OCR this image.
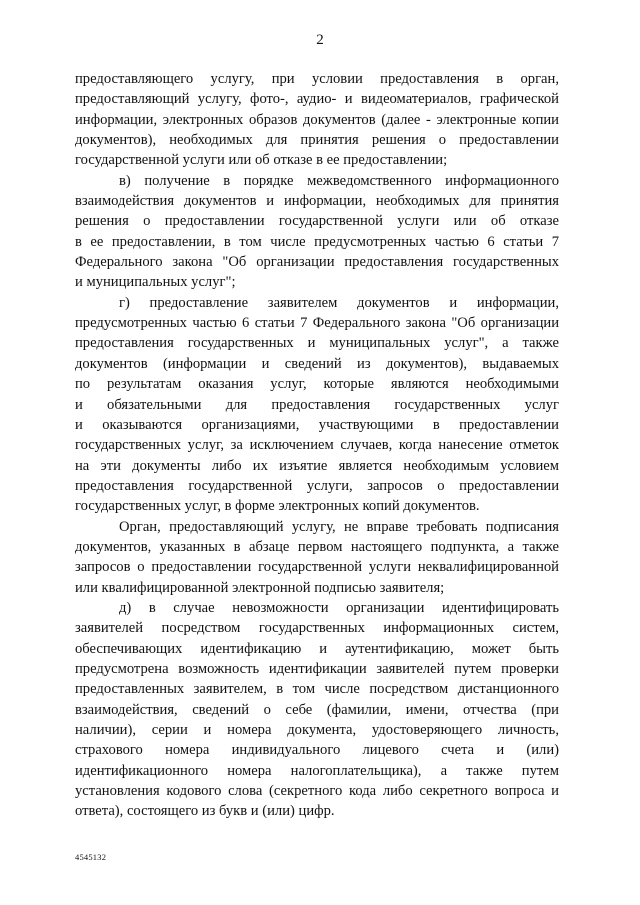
2
предоставляющего услугу, при условии предоставления в орган,
предоставляющий услугу, фото-, аудио- и видеоматериалов, графической
информации, электронных образов документов (далее - электронные копии
документов), необходимых для принятия решения о предоставлении
государственной услуги или об отказе в ее предоставлении;
в) получение в порядке межведомственного информационного
взаимодействия документов и информации, необходимых для принятия
решения о предоставлении государственной услуги или об отказе
в ее предоставлении, в том числе предусмотренных частью 6 статьи 7
Федерального закона "Об организации предоставления государственных
и муниципальных услуг";
г) предоставление заявителем документов и информации,
предусмотренных частью 6 статьи 7 Федерального закона "Об организации
предоставления государственных и муниципальных услуг", а также
документов (информации и сведений из документов), выдаваемых
по результатам оказания услуг, которые являются необходимыми
и обязательными для предоставления государственных услуг
и оказываются организациями, участвующими в предоставлении
государственных услуг, за исключением случаев, когда нанесение отметок
на эти документы либо их изъятие является необходимым условием
предоставления государственной услуги, запросов о предоставлении
государственных услуг, в форме электронных копий документов.
Орган, предоставляющий услугу, не вправе требовать подписания
документов, указанных в абзаце первом настоящего подпункта, а также
запросов о предоставлении государственной услуги неквалифицированной
или квалифицированной электронной подписью заявителя;
д) в случае невозможности организации идентифицировать
заявителей посредством государственных информационных систем,
обеспечивающих идентификацию и аутентификацию, может быть
предусмотрена возможность идентификации заявителей путем проверки
предоставленных заявителем, в том числе посредством дистанционного
взаимодействия, сведений о себе (фамилии, имени, отчества (при
наличии), серии и номера документа, удостоверяющего личность,
страхового номера индивидуального лицевого счета и (или)
идентификационного номера налогоплательщика), а также путем
установления кодового слова (секретного кода либо секретного вопроса и
ответа), состоящего из букв и (или) цифр.
4545132
